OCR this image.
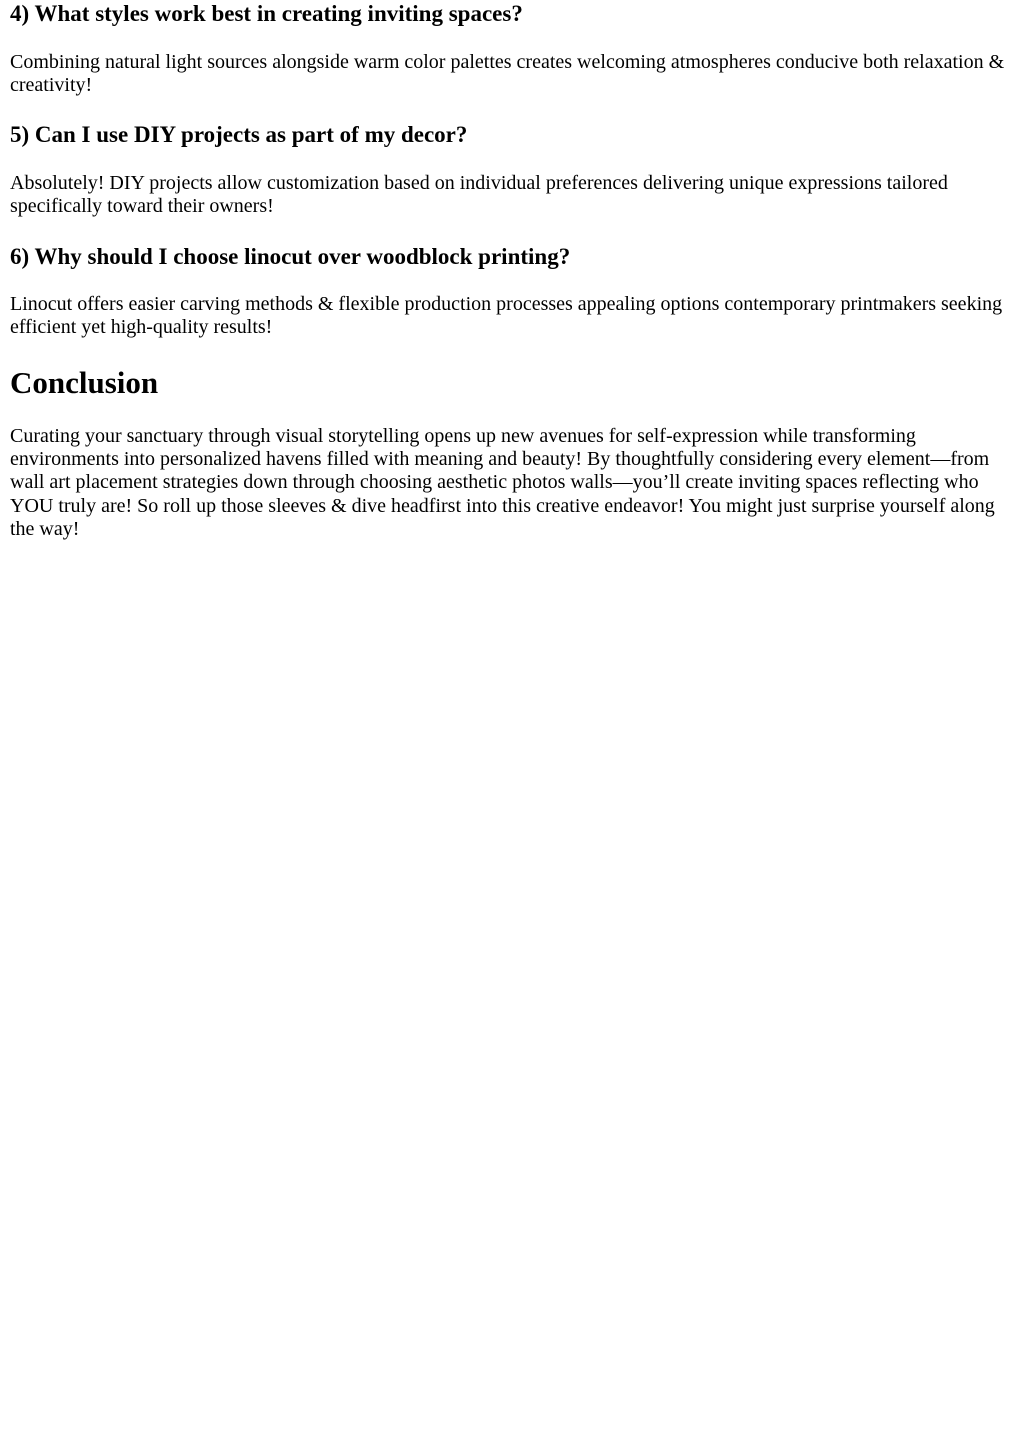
4) What styles work best in creating inviting spaces?

Combining natural light sources alongside warm color palettes creates welcoming atmospheres conducive both relaxation & creativity!

5) Can I use DIY projects as part of my decor?

Absolutely! DIY projects allow customization based on individual preferences delivering unique expressions tailored specifically toward their owners!

6) Why should I choose linocut over woodblock printing?

Linocut offers easier carving methods & flexible production processes appealing options contemporary printmakers seeking efficient yet high-quality results!

Conclusion

Curating your sanctuary through visual storytelling opens up new avenues for self-expression while transforming environments into personalized havens filled with meaning and beauty! By thoughtfully considering every element—from wall art placement strategies down through choosing aesthetic photos walls—you’ll create inviting spaces reflecting who YOU truly are! So roll up those sleeves & dive headfirst into this creative endeavor! You might just surprise yourself along the way!
